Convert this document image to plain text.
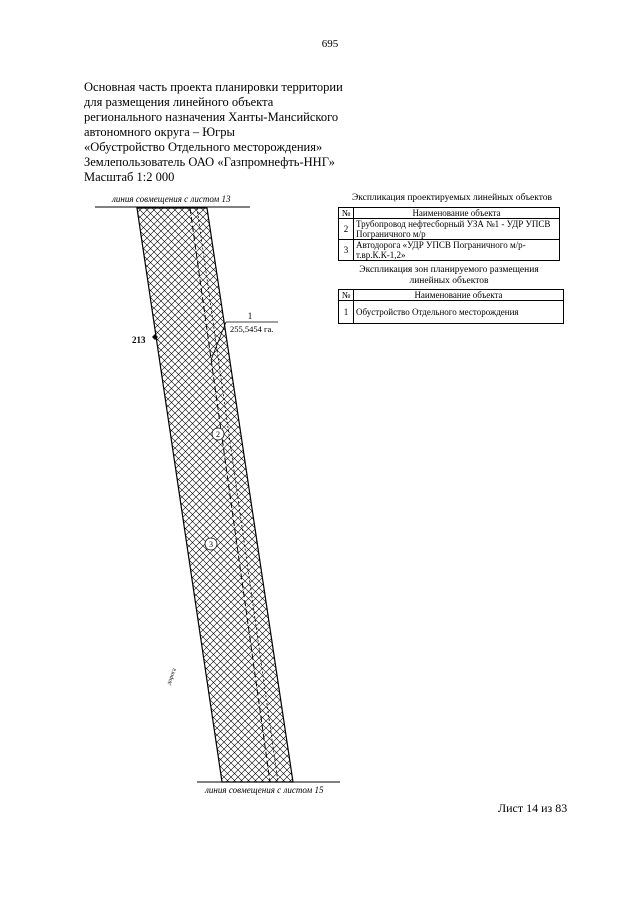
695
Основная часть проекта планировки территории
для размещения линейного объекта
регионального назначения Ханты-Мансийского
автономного округа – Югры
«Обустройство Отдельного месторождения»
Землепользователь ОАО «Газпромнефть-ННГ»
Масштаб 1:2 000
линия совмещения с листом 13
линия совмещения с листом 15
213
1
255,5454 га.
2
3
дорога
Экспликация проектируемых линейных объектов
№	Наименование объекта
2	Трубопровод нефтесборный УЗА №1 - УДР УПСВ Пограничного м/р
3	Автодорога «УДР УПСВ Пограничного м/р-т.вр.К.К-1,2»
Экспликация зон планируемого размещения
линейных объектов
№	Наименование объекта
1	Обустройство Отдельного месторождения
Лист 14 из 83
